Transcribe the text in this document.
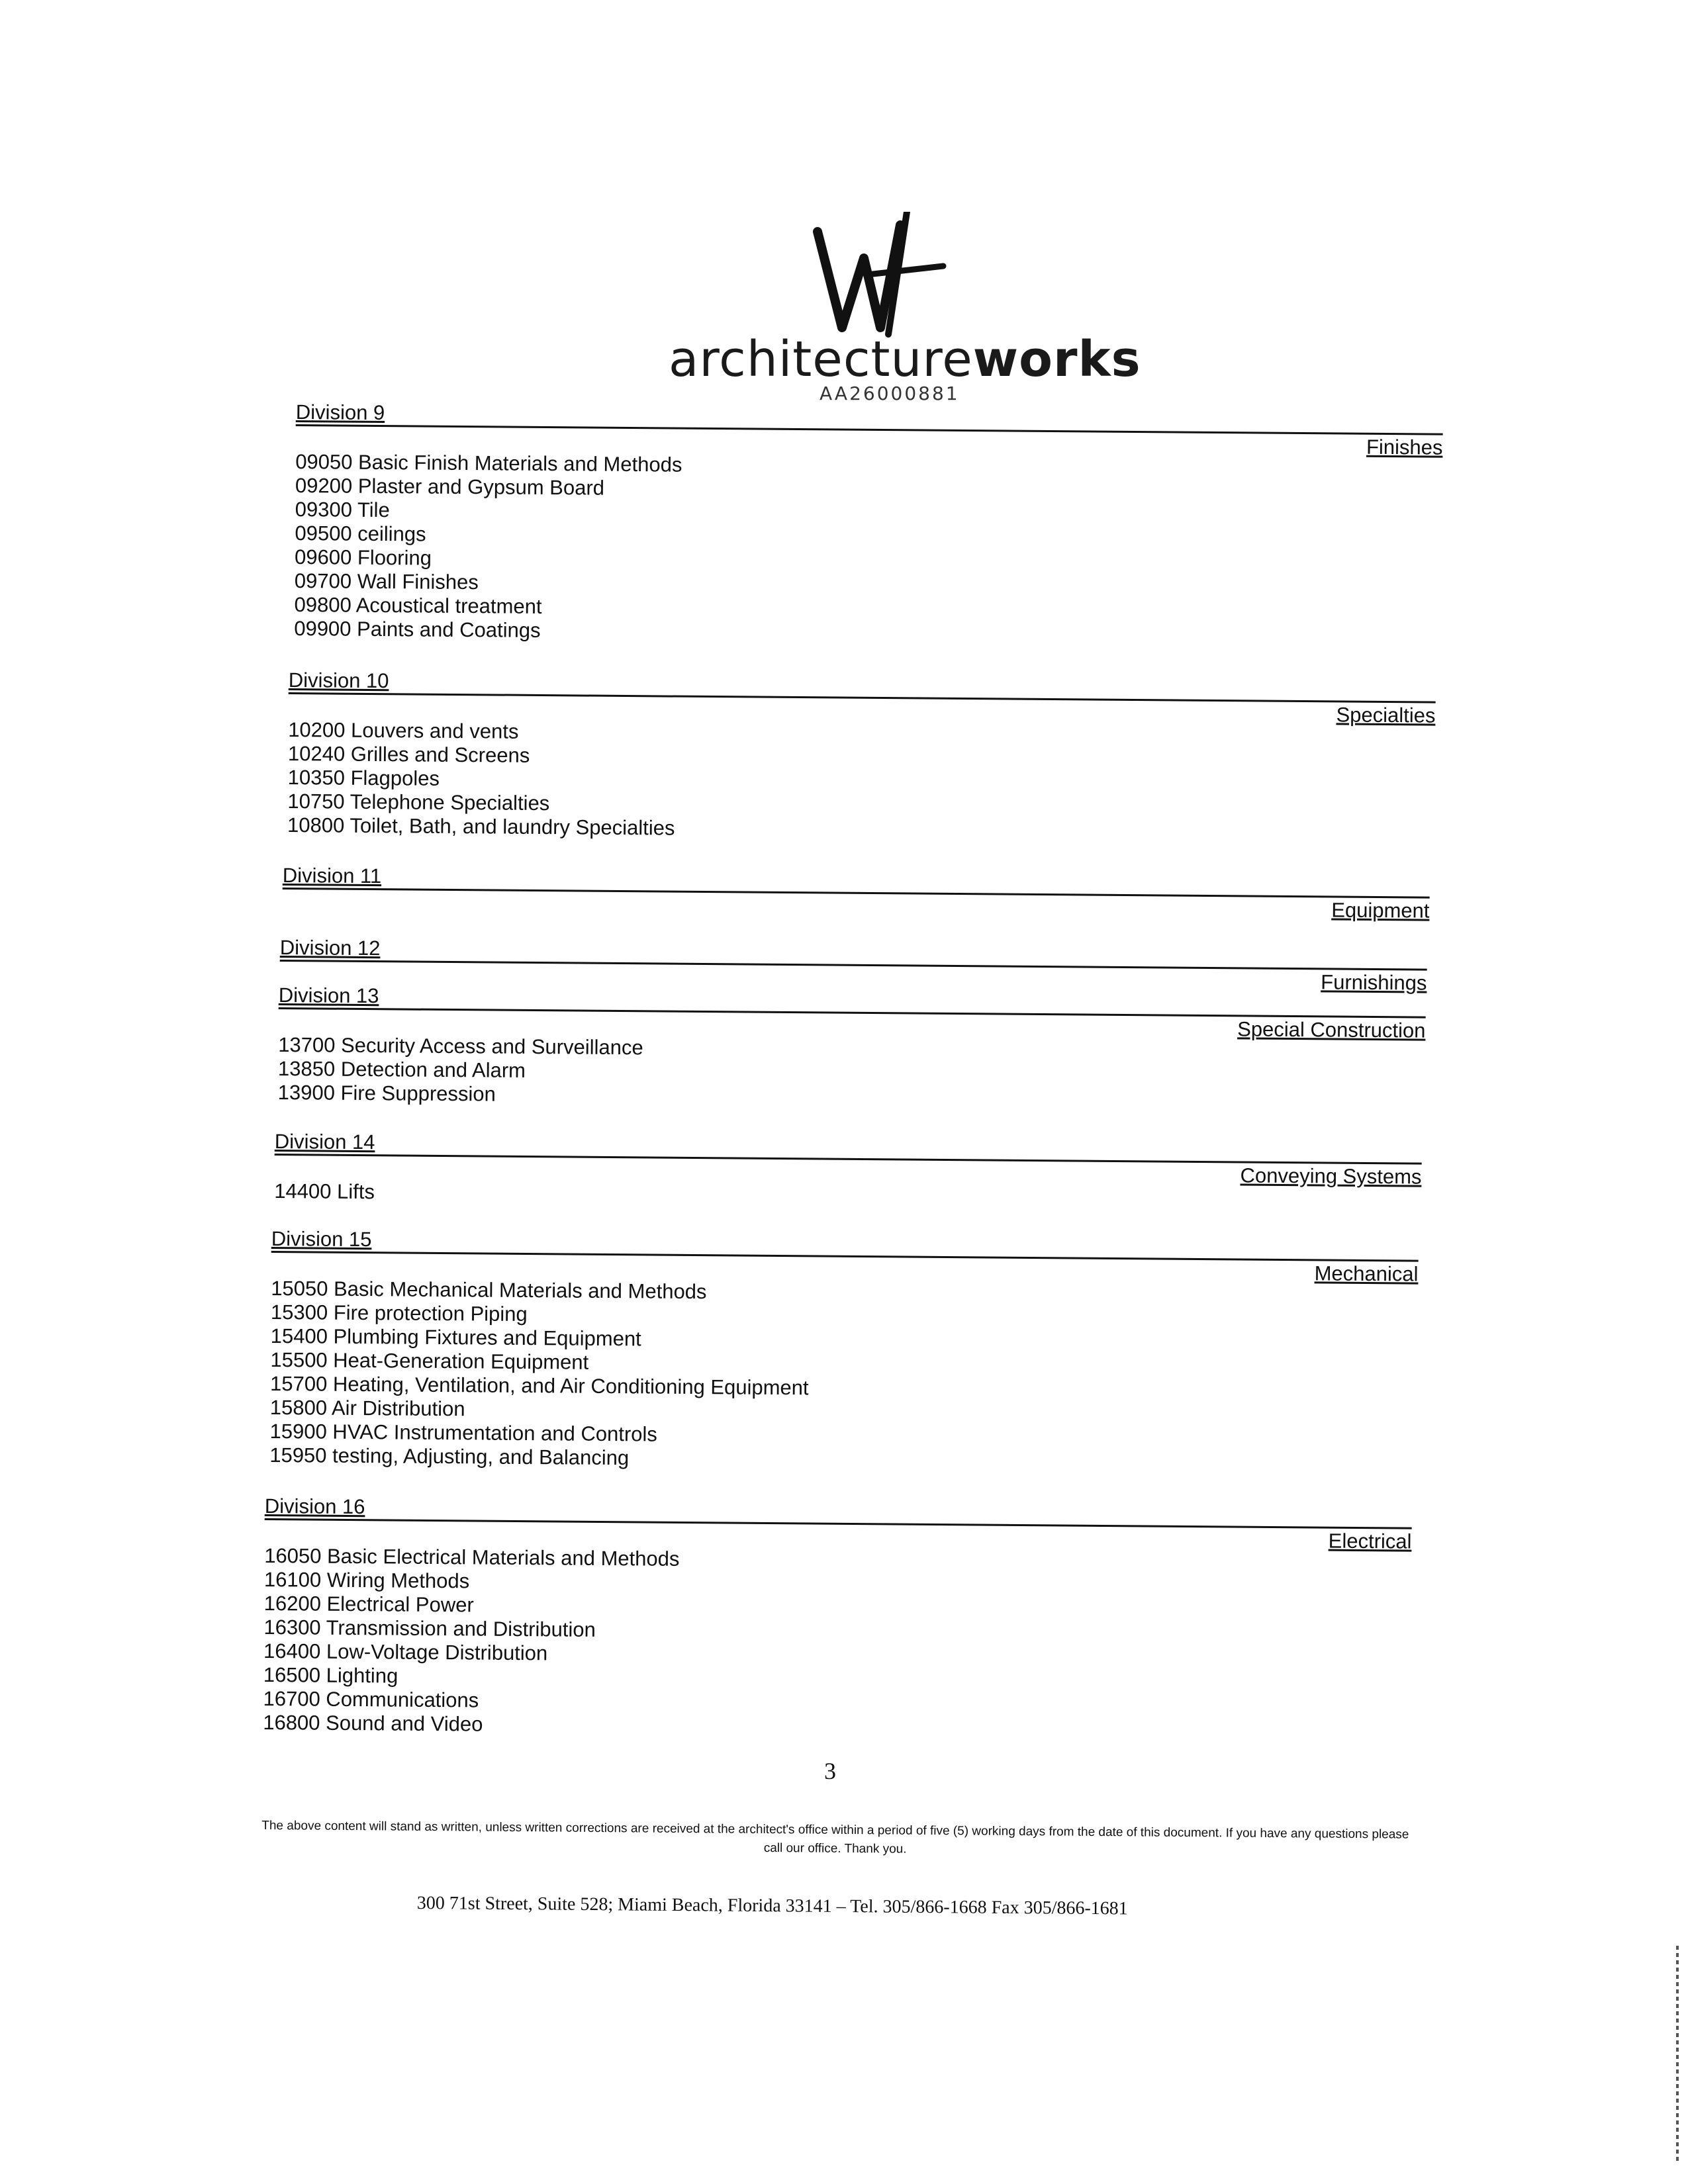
architectureworks
AA26000881
Division 9
Finishes
09050 Basic Finish Materials and Methods
09200 Plaster and Gypsum Board
09300 Tile
09500 ceilings
09600 Flooring
09700 Wall Finishes
09800 Acoustical treatment
09900 Paints and Coatings
Division 10
Specialties
10200 Louvers and vents
10240 Grilles and Screens
10350 Flagpoles
10750 Telephone Specialties
10800 Toilet, Bath, and laundry Specialties
Division 11
Equipment
Division 12
Furnishings
Division 13
Special Construction
13700 Security Access and Surveillance
13850 Detection and Alarm
13900 Fire Suppression
Division 14
Conveying Systems
14400 Lifts
Division 15
Mechanical
15050 Basic Mechanical Materials and Methods
15300 Fire protection Piping
15400 Plumbing Fixtures and Equipment
15500 Heat-Generation Equipment
15700 Heating, Ventilation, and Air Conditioning Equipment
15800 Air Distribution
15900 HVAC Instrumentation and Controls
15950 testing, Adjusting, and Balancing
Division 16
Electrical
16050 Basic Electrical Materials and Methods
16100 Wiring Methods
16200 Electrical Power
16300 Transmission and Distribution
16400 Low-Voltage Distribution
16500 Lighting
16700 Communications
16800 Sound and Video
3
The above content will stand as written, unless written corrections are received at the architect's office within a period of five (5) working days from the date of this document. If you have any questions please call our office. Thank you.
300 71st Street, Suite 528; Miami Beach, Florida 33141 – Tel. 305/866-1668 Fax 305/866-1681
